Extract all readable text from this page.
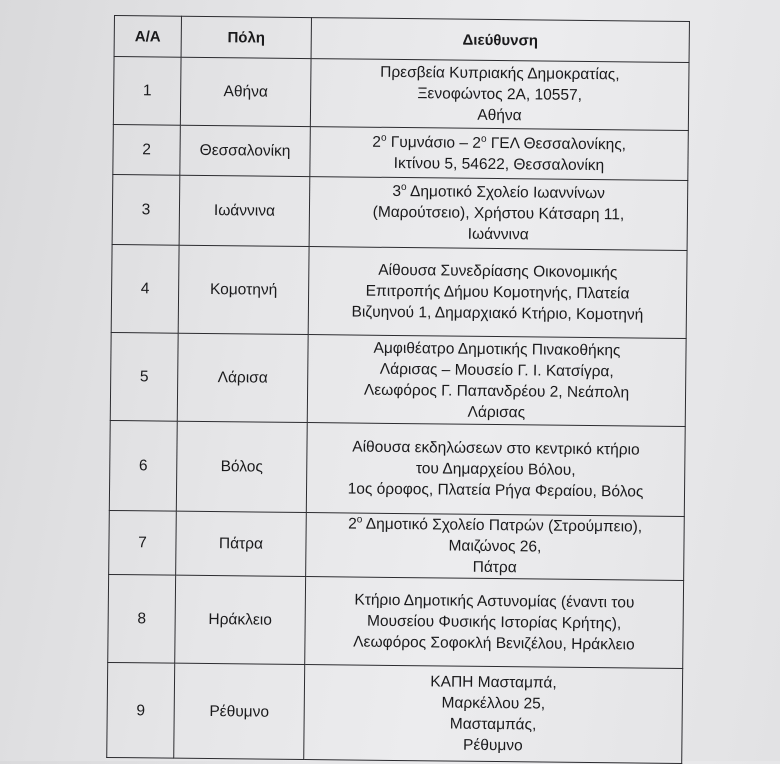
Α/Α	Πόλη	Διεύθυνση
1	Αθήνα	Πρεσβεία Κυπριακής Δημοκρατίας,
Ξενοφώντος 2Α, 10557,
Αθήνα

2	Θεσσαλονίκη	$2^o$ Γυμνάσιο – $2^o$ ΓΕΛ Θεσσαλονίκης,
Ικτίνου 5, 54622, Θεσσαλονίκη

3	Ιωάννινα	$3^o$ Δημοτικό Σχολείο Ιωαννίνων
(Μαρούτσειο), Χρήστου Κάτσαρη 11,
Ιωάννινα

4	Κομοτηνή	Αίθουσα Συνεδρίασης Οικονομικής
Επιτροπής Δήμου Κομοτηνής, Πλατεία
Βιζυηνού 1, Δημαρχιακό Κτήριο, Κομοτηνή

5	Λάρισα	Αμφιθέατρο Δημοτικής Πινακοθήκης
Λάρισας – Μουσείο Γ. Ι. Κατσίγρα,
Λεωφόρος Γ. Παπανδρέου 2, Νεάπολη
Λάρισας

6	Βόλος	Αίθουσα εκδηλώσεων στο κεντρικό κτήριο
του Δημαρχείου Βόλου,
1ος όροφος, Πλατεία Ρήγα Φεραίου, Βόλος

7	Πάτρα	$2^o$ Δημοτικό Σχολείο Πατρών (Στρούμπειο),
Μαιζώνος 26,
Πάτρα

8	Ηράκλειο	Κτήριο Δημοτικής Αστυνομίας (έναντι του
Μουσείου Φυσικής Ιστορίας Κρήτης),
Λεωφόρος Σοφοκλή Βενιζέλου, Ηράκλειο

9	Ρέθυμνο	ΚΑΠΗ Μασταμπά,
Μαρκέλλου 25,
Μασταμπάς,
Ρέθυμνο
